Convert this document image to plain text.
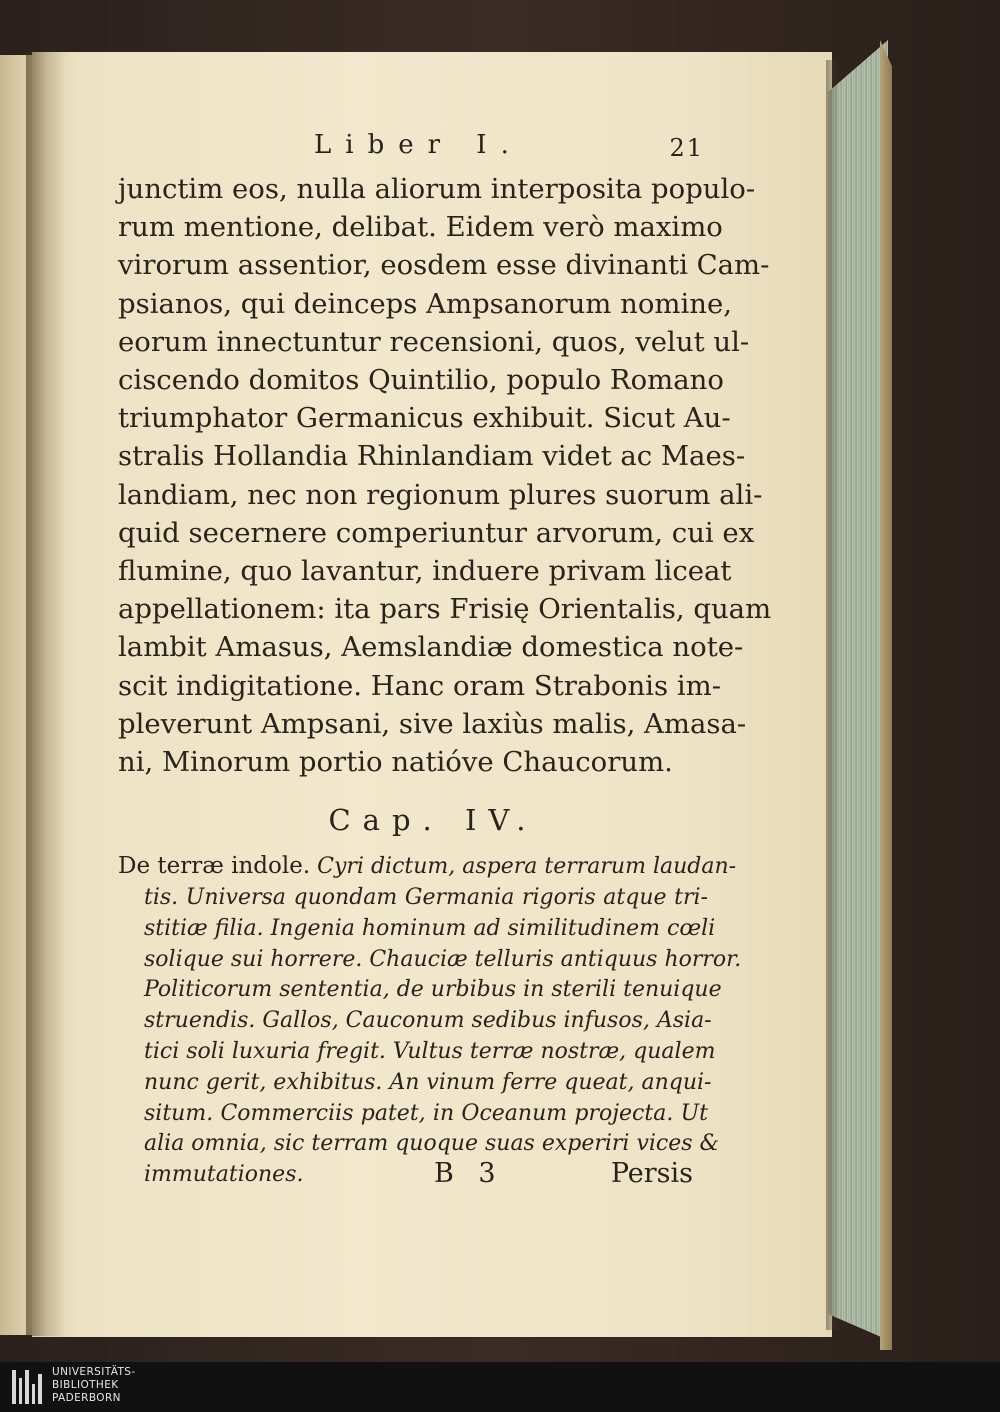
Liber I.	21
junctim eos, nulla aliorum interposita populo-
rum mentione, delibat. Eidem verò maximo
virorum assentior, eosdem esse divinanti Cam-
psianos, qui deinceps Ampsanorum nomine,
eorum innectuntur recensioni, quos, velut ul-
ciscendo domitos Quintilio, populo Romano
triumphator Germanicus exhibuit. Sicut Au-
stralis Hollandia Rhinlandiam videt ac Maes-
landiam, nec non regionum plures suorum ali-
quid secernere comperiuntur arvorum, cui ex
flumine, quo lavantur, induere privam liceat
appellationem: ita pars Frisię Orientalis, quam
lambit Amasus, Aemslandiæ domestica note-
scit indigitatione. Hanc oram Strabonis im-
pleverunt Ampsani, sive laxiùs malis, Amasa-
ni, Minorum portio natióve Chaucorum.
Cap. IV.
De terræ indole. Cyri dictum, aspera terrarum laudan-
tis. Universa quondam Germania rigoris atque tri-
stitiæ filia. Ingenia hominum ad similitudinem cœli
solique sui horrere. Chauciæ telluris antiquus horror.
Politicorum sententia, de urbibus in sterili tenuique
struendis. Gallos, Cauconum sedibus infusos, Asia-
tici soli luxuria fregit. Vultus terræ nostræ, qualem
nunc gerit, exhibitus. An vinum ferre queat, anqui-
situm. Commerciis patet, in Oceanum projecta. Ut
alia omnia, sic terram quoque suas experiri vices &
immutationes.	B 3	Persis
UNIVERSITÄTS-
BIBLIOTHEK
PADERBORN
